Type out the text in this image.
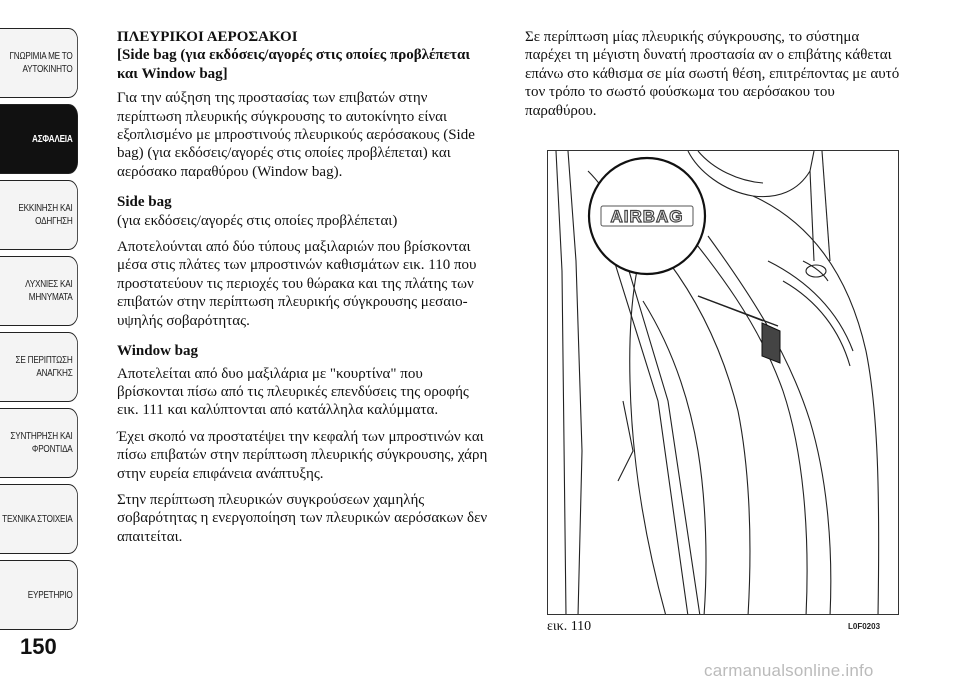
ΓΝΩΡΙΜΙΑ ΜΕ ΤΟ
ΑΥΤΟΚΙΝΗΤΟ
ΑΣΦΑΛΕΙΑ
ΕΚΚΙΝΗΣΗ ΚΑΙ
ΟΔΗΓΗΣΗ
ΛΥΧΝΙΕΣ ΚΑΙ
ΜΗΝΥΜΑΤΑ
ΣΕ ΠΕΡΙΠΤΩΣΗ
ΑΝΑΓΚΗΣ
ΣΥΝΤΗΡΗΣΗ ΚΑΙ
ΦΡΟΝΤΙΔΑ
ΤΕΧΝΙΚΑ ΣΤΟΙΧΕΙΑ
ΕΥΡΕΤΗΡΙΟ
150
ΠΛΕΥΡΙΚΟΙ ΑΕΡΟΣΑΚΟΙ
[Side bag (για εκδόσεις/αγορές στις οποίες προβλέπεται και Window bag]

Για την αύξηση της προστασίας των επιβατών στην περίπτωση πλευρικής σύγκρουσης το αυτοκίνητο είναι εξοπλισμένο με μπροστινούς πλευρικούς αερόσακους (Side bag) (για εκδόσεις/αγορές στις οποίες προβλέπεται) και αερόσακο παραθύρου (Window bag).

Side bag
(για εκδόσεις/αγορές στις οποίες προβλέπεται)

Αποτελούνται από δύο τύπους μαξιλαριών που βρίσκονται μέσα στις πλάτες των μπροστινών καθισμάτων εικ. 110 που προστατεύουν τις περιοχές του θώρακα και της πλάτης των επιβατών στην περίπτωση πλευρικής σύγκρουσης μεσαιο-υψηλής σοβαρότητας.

Window bag

Αποτελείται από δυο μαξιλάρια με "κουρτίνα" που βρίσκονται πίσω από τις πλευρικές επενδύσεις της οροφής εικ. 111 και καλύπτονται από κατάλληλα καλύμματα.

Έχει σκοπό να προστατέψει την κεφαλή των μπροστινών και πίσω επιβατών στην περίπτωση πλευρικής σύγκρουσης, χάρη στην ευρεία επιφάνεια ανάπτυξης.

Στην περίπτωση πλευρικών συγκρούσεων χαμηλής σοβαρότητας η ενεργοποίηση των πλευρικών αερόσακων δεν απαιτείται.

Σε περίπτωση μίας πλευρικής σύγκρουσης, το σύστημα παρέχει τη μέγιστη δυνατή προστασία αν ο επιβάτης κάθεται επάνω στο κάθισμα σε μία σωστή θέση, επιτρέποντας με αυτό τον τρόπο το σωστό φούσκωμα του αερόσακου του παραθύρου.

AIRBAG
εικ. 110	L0F0203
carmanualsonline.info
